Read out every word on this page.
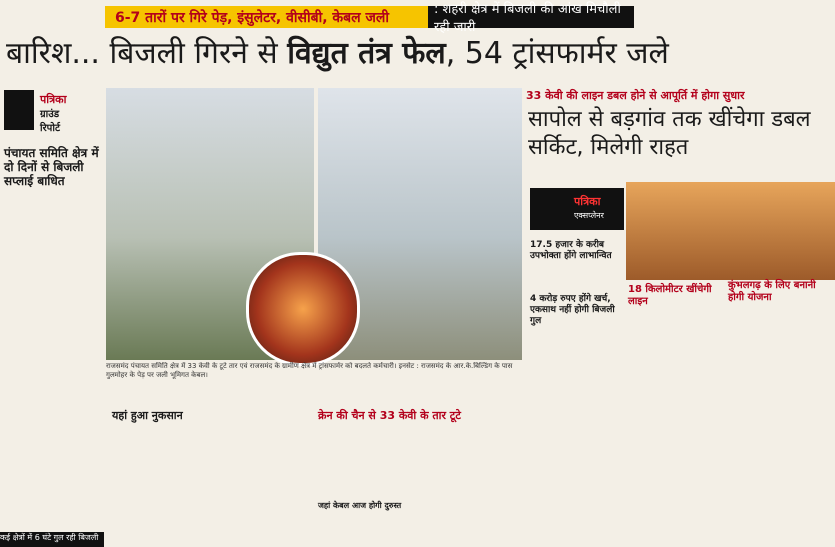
6-7 तारों पर गिरे पेड़, इंसुलेटर, वीसीबी, केबल जली	: शहरी क्षेत्र में बिजली की आंख मिचौली रही जारी
बारिश... बिजली गिरने से विद्युत तंत्र फेल, 54 ट्रांसफार्मर जले
पत्रिका
ग्राउंड
रिपोर्ट
पंचायत समिति क्षेत्र में दो दिनों से बिजली सप्लाई बाधित
राजसमंद पंचायत समिति क्षेत्र में 33 केवी के टूटे तार एवं राजसमंद के ग्रामीण क्षेत्र में ट्रांसफार्मर को बदलते कर्मचारी। इनसेट : राजसमंद के आर.के.बिल्डिंग के पास गुलमोहर के पेड़ पर जली भूमिगत केबल।
33 केवी की लाइन डबल होने से आपूर्ति में होगा सुधार
सापोल से बड़गांव तक खींचेगा डबल सर्किट, मिलेगी राहत
पत्रिका
एक्सप्लेनर
17.5 हजार के करीब उपभोक्ता होंगे लाभान्वित
4 करोड़ रुपए होंगे खर्च, एकसाथ नहीं होगी बिजली गुल
18 किलोमीटर खींचेगी लाइन
कुंभलगढ़ के लिए बनानी होगी योजना
यहां हुआ नुकसान	क्रेन की चैन से 33 केवी के तार टूटे
जहां केबल आज होगी दुरुस्त
कई क्षेत्रों में 6 घंटे गुल रही बिजली
